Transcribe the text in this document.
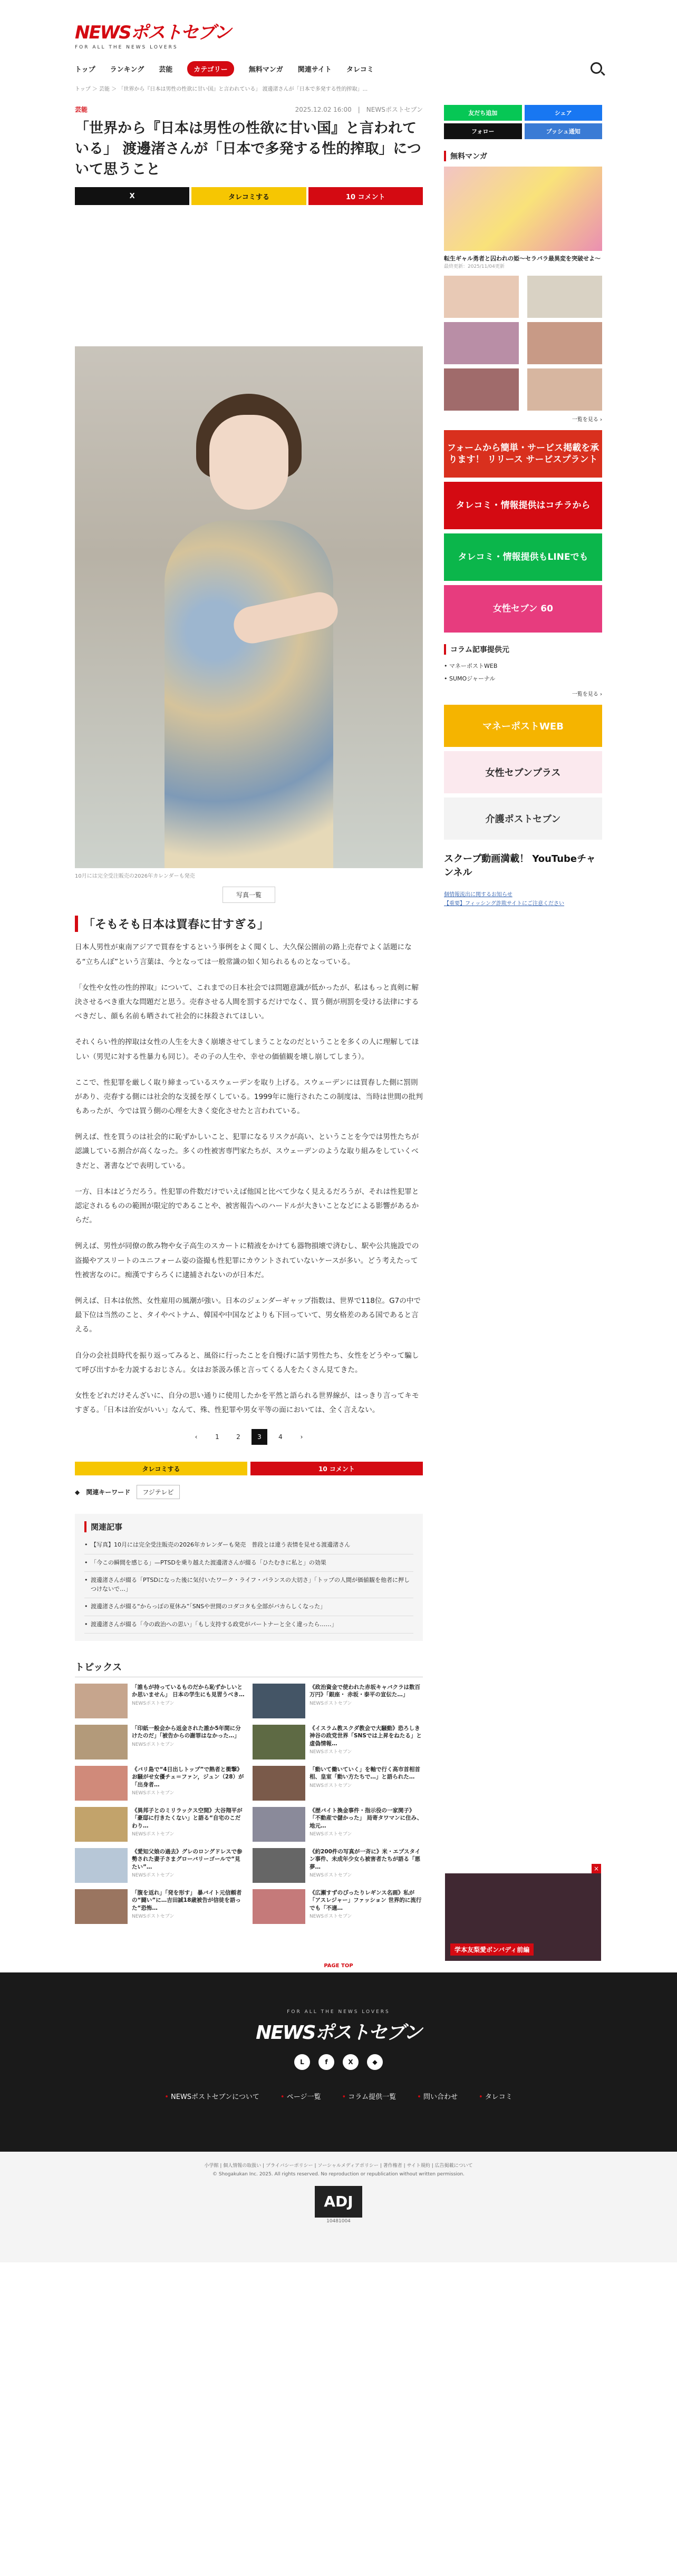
NEWSポストセブン
FOR ALL THE NEWS LOVERS
トップ ランキング 芸能	カテゴリー	無料マンガ 関連サイト タレコミ
トップ ＞ 芸能 ＞ 「世界から『日本は男性の性欲に甘い国』と言われている」 渡邊渚さんが「日本で多発する性的搾取」...
芸能	2025.12.02 16:00　|　NEWSポストセブン
「世界から『日本は男性の性欲に甘い国』と言われている」 渡邊渚さんが「日本で多発する性的搾取」について思うこと
X	タレコミする	10 コメント
10月には完全受注販売の2026年カレンダーも発売
写真一覧
「そもそも日本は買春に甘すぎる」

日本人男性が東南アジアで買春をするという事例をよく聞くし、大久保公園前の路上売春でよく話題になる“立ちんぼ”という言葉は、今となっては一般常識の如く知られるものとなっている。

「女性や女性の性的搾取」について、これまでの日本社会では問題意識が低かったが、私はもっと真剣に解決させるべき重大な問題だと思う。売春させる人間を罰するだけでなく、買う側が刑罰を受ける法律にするべきだし、顔も名前も晒されて社会的に抹殺されてほしい。

それくらい性的搾取は女性の人生を大きく崩壊させてしまうことなのだということを多くの人に理解してほしい（男児に対する性暴力も同じ）。その子の人生や、幸せの価値観を壊し崩してしまう）。

ここで、性犯罪を厳しく取り締まっているスウェーデンを取り上げる。スウェーデンには買春した側に罰則があり、売春する側には社会的な支援を厚くしている。1999年に施行されたこの制度は、当時は世間の批判もあったが、今では買う側の心理を大きく変化させたと言われている。

例えば、性を買うのは社会的に恥ずかしいこと、犯罪になるリスクが高い、ということを今では男性たちが認識している割合が高くなった。多くの性被害専門家たちが、スウェーデンのような取り組みをしていくべきだと、著書などで表明している。

一方、日本はどうだろう。性犯罪の件数だけでいえば他国と比べて少なく見えるだろうが、それは性犯罪と認定されるものの範囲が限定的であることや、被害報告へのハードルが大きいことなどによる影響があるからだ。

例えば、男性が同僚の飲み物や女子高生のスカートに精液をかけても器物損壊で済むし、駅や公共施設での盗撮やアスリートのユニフォーム姿の盗撮も性犯罪にカウントされていないケースが多い。どう考えたって性被害なのに。痴漢ですらろくに逮捕されないのが日本だ。

例えば、日本は依然、女性雇用の風潮が強い。日本のジェンダーギャップ指数は、世界で118位。G7の中で最下位は当然のこと、タイやベトナム、韓国や中国などよりも下回っていて、男女格差のある国であると言える。

自分の会社員時代を振り返ってみると、風俗に行ったことを自慢げに話す男性たち、女性をどうやって騙して呼び出すかを力説するおじさん。女はお茶汲み係と言ってくる人をたくさん見てきた。

女性をどれだけそんざいに、自分の思い通りに使用したかを平然と語られる世界線が、はっきり言ってキモすぎる。「日本は治安がいい」なんて、殊、性犯罪や男女平等の面においては、全く言えない。

‹	1	2	3	4	›
タレコミする	10 コメント
◆ 関連キーワード	フジテレビ
関連記事
• 【写真】10月には完全受注販売の2026年カレンダーも発売　普段とは違う表情を見せる渡邊渚さん
• 「今この瞬間を感じる」—PTSDを乗り越えた渡邊渚さんが綴る「ひたむきに私と」の効果
• 渡邊渚さんが綴る「PTSDになった後に気付いたワーク・ライフ・バランスの大切さ」「トップの人間が価値観を他者に押しつけないで…」
• 渡邊渚さんが綴る“からっぽの夏休み”「SNSや世間のコダコタも全部がバカらしくなった」
• 渡邊渚さんが綴る「今の政治への思い」「もし支持する政党がパートナーと全く違ったら……」
トピックス
「誰もが持っているものだから恥ずかしいとか思いません」 日本の学生にも見習うべき…
NEWSポストセブン
《政治資金で使われた赤坂キャバクラは数百万円》「銀座・ 赤坂・泰平の宣伝た…」
NEWSポストセブン
「印紙一般会から返金された誰か5年間に分けたのだ」「被告からの謝罪はなかった…」
NEWSポストセブン
《イスラム教スクダ教会で大騒動》恐ろしき神谷の政党世界「SNSでは上昇をねたる」と虚偽情報…
NEWSポストセブン
《バリ島で“4日出しトップ”で熱者と衝撃》お騒がせ女優チェ＝ファン，ジュン（28）が「出身者…
NEWSポストセブン
「動いて働いていく」を軸で行く高市首相首相、皇室「動い方たちで…」と語られた…
NEWSポストセブン
《異邦子とのミリラックス空間》大谷翔平が「豪邸に行きたくない」と語る“自宅のこだわり…
NEWSポストセブン
《歴バイト換金事件・指示役の一家関子》「不動産で儲かった」 局寄タワマンに住み、地元…
NEWSポストセブン
《愛知父娘の過去》グレのロングドレスで参勢された妻子さまグローバリーゴールで“見たい”…
NEWSポストセブン
《約200件の写真が一斉に》米・エプスタイン事件、未成年少女ら被害者たちが語る「悪夢…
NEWSポストセブン
「腹を返れ」「発を形す」 暴バイト元信頼者の“闘い”に…吉田誠18歳被告が信徒を語った“恐怖…
NEWSポストセブン
《広瀬すずのぴったりレギンス名画》私が「アスレジャー」ファッション 世界的に流行でも「不適…
NEWSポストセブン
友だち追加	シェア
フォロー	プッシュ通知
無料マンガ
転生ギャル勇者と囚われの姫〜セラバラ最異変を突破せよ〜
最終更新：2025/11/04更新
一覧を見る ›
フォームから簡単・サービス掲載を承ります！ リリース サービスプラント
タレコミ・情報提供はコチラから
タレコミ・情報提供もLINEでも
女性セブン 60
コラム記事提供元
• マネーポストWEB
• SUMOジャーナル
一覧を見る ›
マネーポストWEB
女性セブンプラス
介護ポストセブン
スクープ動画満載！ YouTubeチャンネル
個情報流出に関するお知らせ
【重要】フィッシング詐欺サイトにご注意ください
×
学本友梨愛ボンバディ前編
PAGE TOP
FOR ALL THE NEWS LOVERS
NEWSポストセブン
L	f	X	◆
• NEWSポストセブンについて	• ページ一覧	• コラム提供一覧	• 問い合わせ	• タレコミ
小学館 | 個人情報の取扱い | プライバシーポリシー | ソーシャルメディアポリシー | 著作権者 | サイト規約 | 広告掲載について
© Shogakukan Inc. 2025. All rights reserved. No reproduction or republication without written permission.
ADJ
10481004
